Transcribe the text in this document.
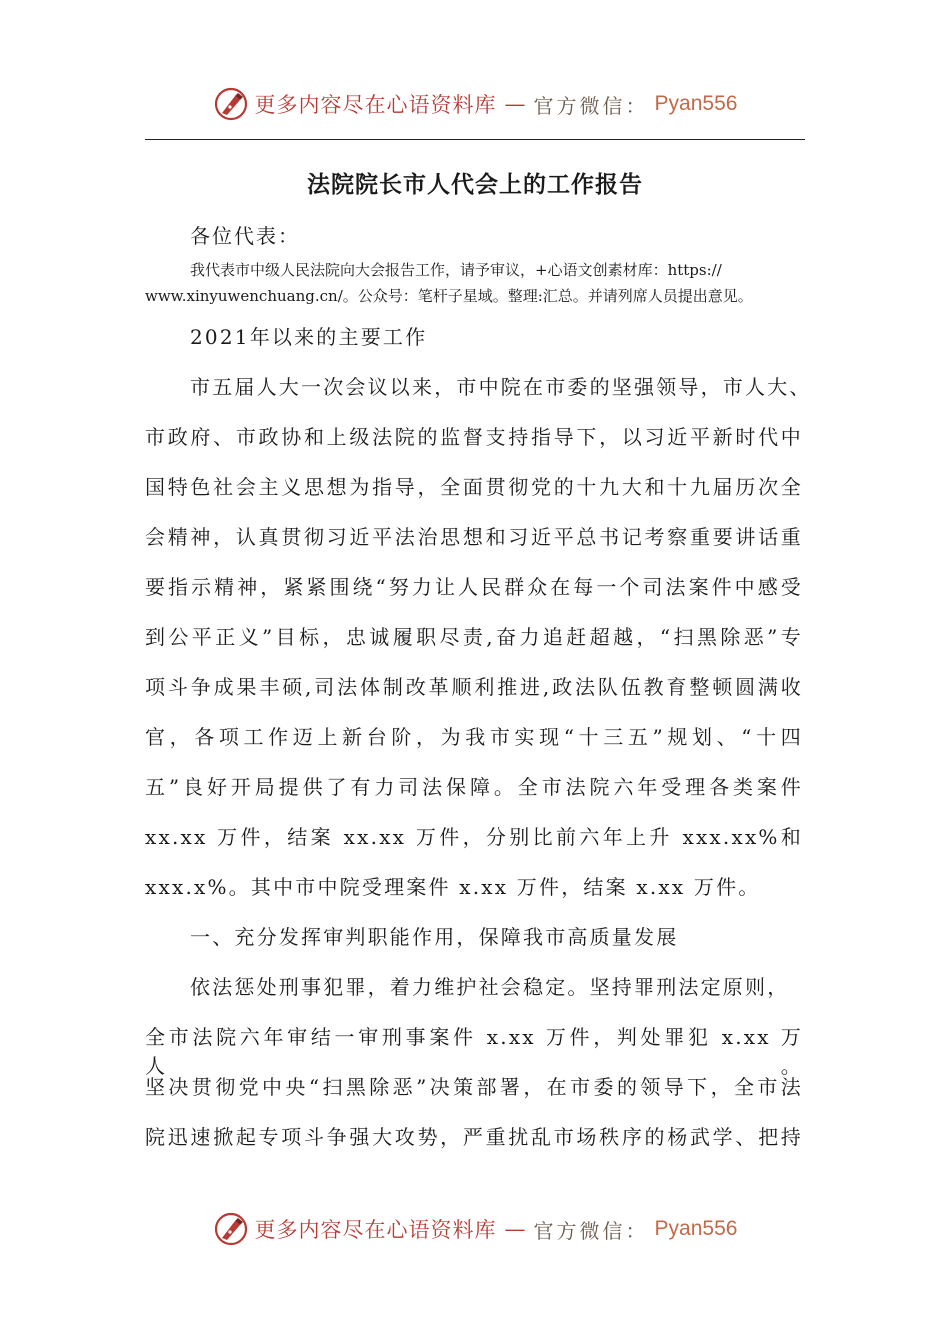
更多内容尽在心语资料库 — 官方微信： Pyan556
法院院长市人代会上的工作报告
各位代表：
我代表市中级人民法院向大会报告工作，请予审议，+心语文创素材库：https://
www.xinyuwenchuang.cn/。公众号：笔杆子星域。整理:汇总。并请列席人员提出意见。
2021年以来的主要工作
市五届人大一次会议以来，市中院在市委的坚强领导，市人大、
市政府、市政协和上级法院的监督支持指导下，以习近平新时代中
国特色社会主义思想为指导，全面贯彻党的十九大和十九届历次全
会精神，认真贯彻习近平法治思想和习近平总书记考察重要讲话重
要指示精神，紧紧围绕“努力让人民群众在每一个司法案件中感受
到公平正义”目标，忠诚履职尽责,奋力追赶超越，“扫黑除恶”专
项斗争成果丰硕,司法体制改革顺利推进,政法队伍教育整顿圆满收
官，各项工作迈上新台阶，为我市实现“十三五”规划、“十四
五”良好开局提供了有力司法保障。全市法院六年受理各类案件
xx.xx 万件，结案 xx.xx 万件，分别比前六年上升 xxx.xx%和
xxx.x%。其中市中院受理案件 x.xx 万件，结案 x.xx 万件。
一、充分发挥审判职能作用，保障我市高质量发展
依法惩处刑事犯罪，着力维护社会稳定。坚持罪刑法定原则，
全市法院六年审结一审刑事案件 x.xx 万件，判处罪犯 x.xx 万人。
坚决贯彻党中央“扫黑除恶”决策部署，在市委的领导下，全市法
院迅速掀起专项斗争强大攻势，严重扰乱市场秩序的杨武学、把持
更多内容尽在心语资料库 — 官方微信： Pyan556
